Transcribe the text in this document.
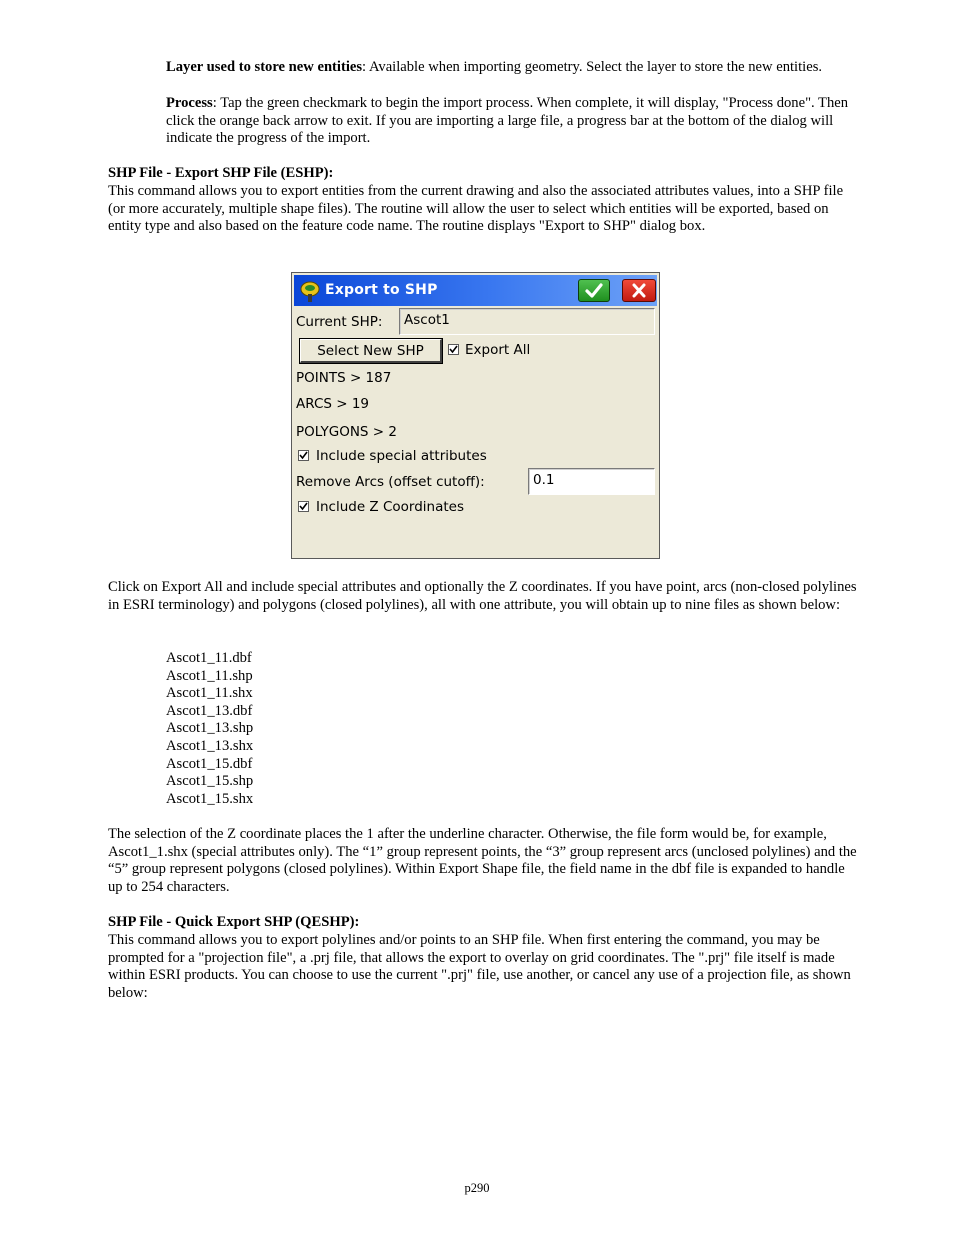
Layer used to store new entities: Available when importing geometry. Select the layer to store the new entities.

Process: Tap the green checkmark to begin the import process. When complete, it will display, "Process done". Then click the orange back arrow to exit. If you are importing a large file, a progress bar at the bottom of the dialog will indicate the progress of the import.

SHP File - Export SHP File (ESHP):

This command allows you to export entities from the current drawing and also the associated attributes values, into a SHP file (or more accurately, multiple shape files). The routine will allow the user to select which entities will be exported, based on entity type and also based on the feature code name. The routine displays "Export to SHP" dialog box.

Export to SHP
Current SHP:	Ascot1
Select New SHP	Export All
POINTS > 187
ARCS > 19
POLYGONS > 2
Include special attributes
Remove Arcs (offset cutoff):	0.1
Include Z Coordinates

Click on Export All and include special attributes and optionally the Z coordinates. If you have point, arcs (non-closed polylines in ESRI terminology) and polygons (closed polylines), all with one attribute, you will obtain up to nine files as shown below:

Ascot1_11.dbf
Ascot1_11.shp
Ascot1_11.shx
Ascot1_13.dbf
Ascot1_13.shp
Ascot1_13.shx
Ascot1_15.dbf
Ascot1_15.shp
Ascot1_15.shx

The selection of the Z coordinate places the 1 after the underline character. Otherwise, the file form would be, for example, Ascot1_1.shx (special attributes only). The “1” group represent points, the “3” group represent arcs (unclosed polylines) and the “5” group represent polygons (closed polylines). Within Export Shape file, the field name in the dbf file is expanded to handle up to 254 characters.

SHP File - Quick Export SHP (QESHP):

This command allows you to export polylines and/or points to an SHP file. When first entering the command, you may be prompted for a "projection file", a .prj file, that allows the export to overlay on grid coordinates. The ".prj" file itself is made within ESRI products. You can choose to use the current ".prj" file, use another, or cancel any use of a projection file, as shown below:

p290
